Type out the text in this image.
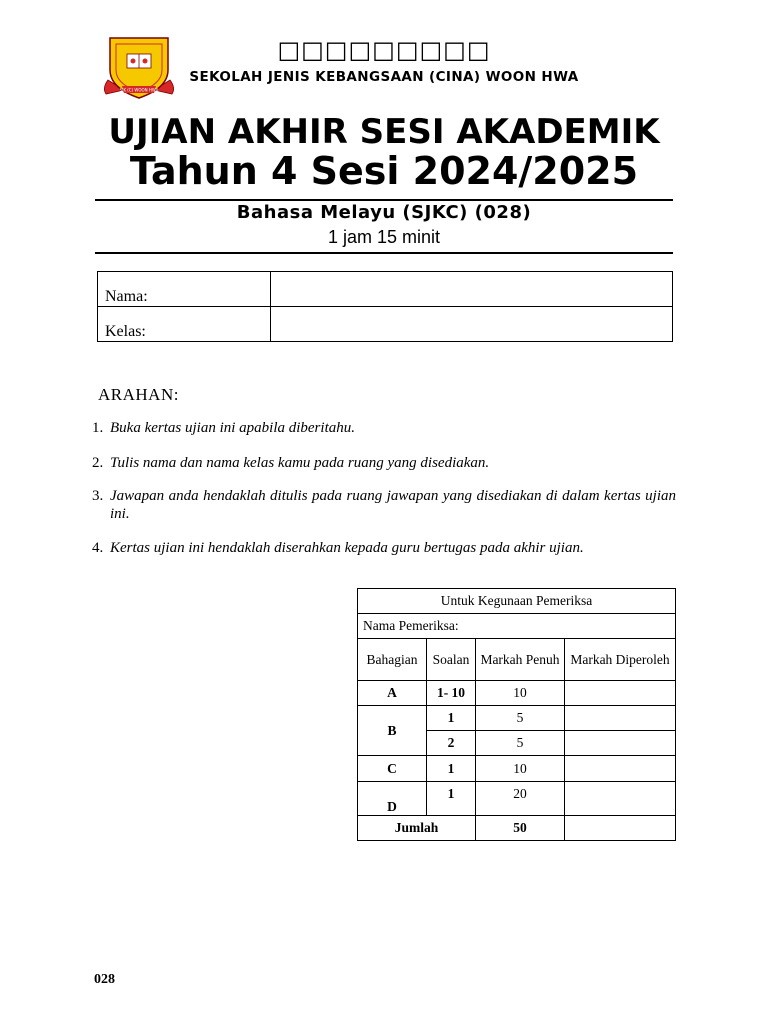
SJK (C) WOON HWA
□□□□□□□□□
SEKOLAH JENIS KEBANGSAAN (CINA) WOON HWA
UJIAN AKHIR SESI AKADEMIK
Tahun 4 Sesi 2024/2025
Bahasa Melayu (SJKC) (028)
1 jam 15 minit
Nama:	
Kelas:	
ARAHAN:
1. Buka kertas ujian ini apabila diberitahu.
2. Tulis nama dan nama kelas kamu pada ruang yang disediakan.
3. Jawapan anda hendaklah ditulis pada ruang jawapan yang disediakan di dalam kertas ujian ini.
4. Kertas ujian ini hendaklah diserahkan kepada guru bertugas pada akhir ujian.
Untuk Kegunaan Pemeriksa			
Nama Pemeriksa:			
Bahagian	Soalan	Markah Penuh	Markah Diperoleh
A	1- 10	10	
B	1	5	
	2	5	
C	1	10	
D	1	20	
Jumlah		50	
028
